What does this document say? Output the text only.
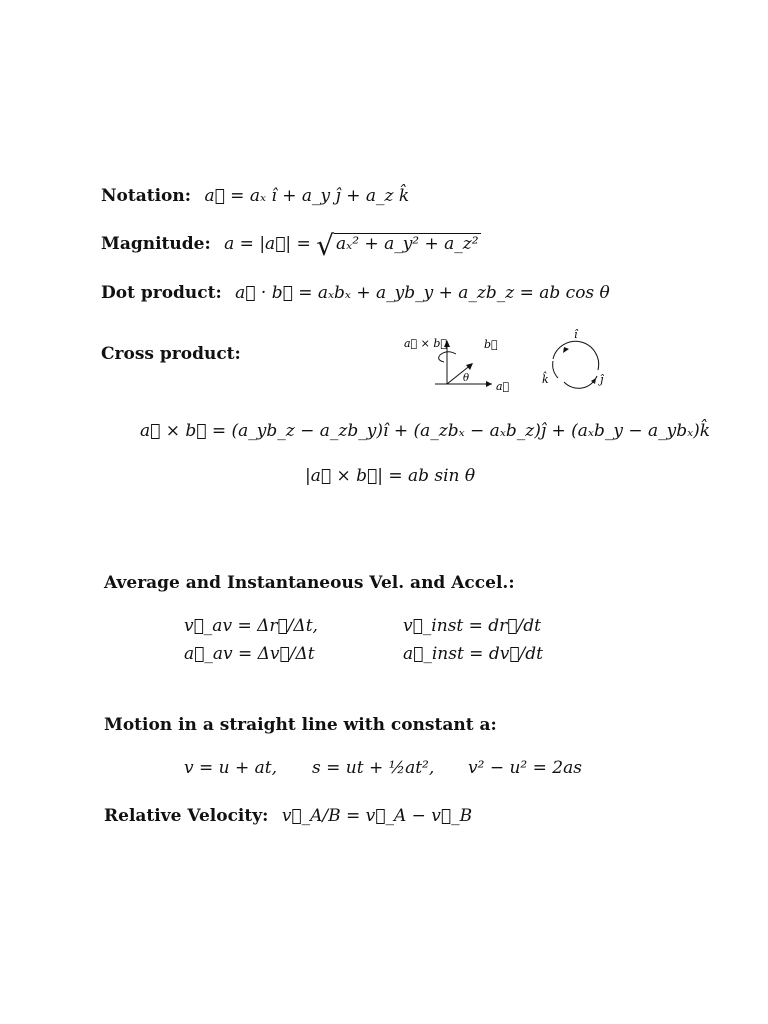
Notation: a⃗ = aₓ î + a_y ĵ + a_z k̂
Magnitude: a = |a⃗| = √ aₓ² + a_y² + a_z²
Dot product: a⃗ · b⃗ = aₓbₓ + a_yb_y + a_zb_z = ab cos θ
Cross product:
a⃗ × b⃗	b⃗
θ
a⃗
î
ĵ
k̂
a⃗ × b⃗ = (a_yb_z − a_zb_y)î + (a_zbₓ − aₓb_z)ĵ + (aₓb_y − a_ybₓ)k̂
|a⃗ × b⃗| = ab sin θ
Average and Instantaneous Vel. and Accel.:
v⃗_av = Δr⃗/Δt,	v⃗_inst = dr⃗/dt
a⃗_av = Δv⃗/Δt	a⃗_inst = dv⃗/dt
Motion in a straight line with constant a:
v = u + at, s = ut + ½at², v² − u² = 2as
Relative Velocity: v⃗_A/B = v⃗_A − v⃗_B
